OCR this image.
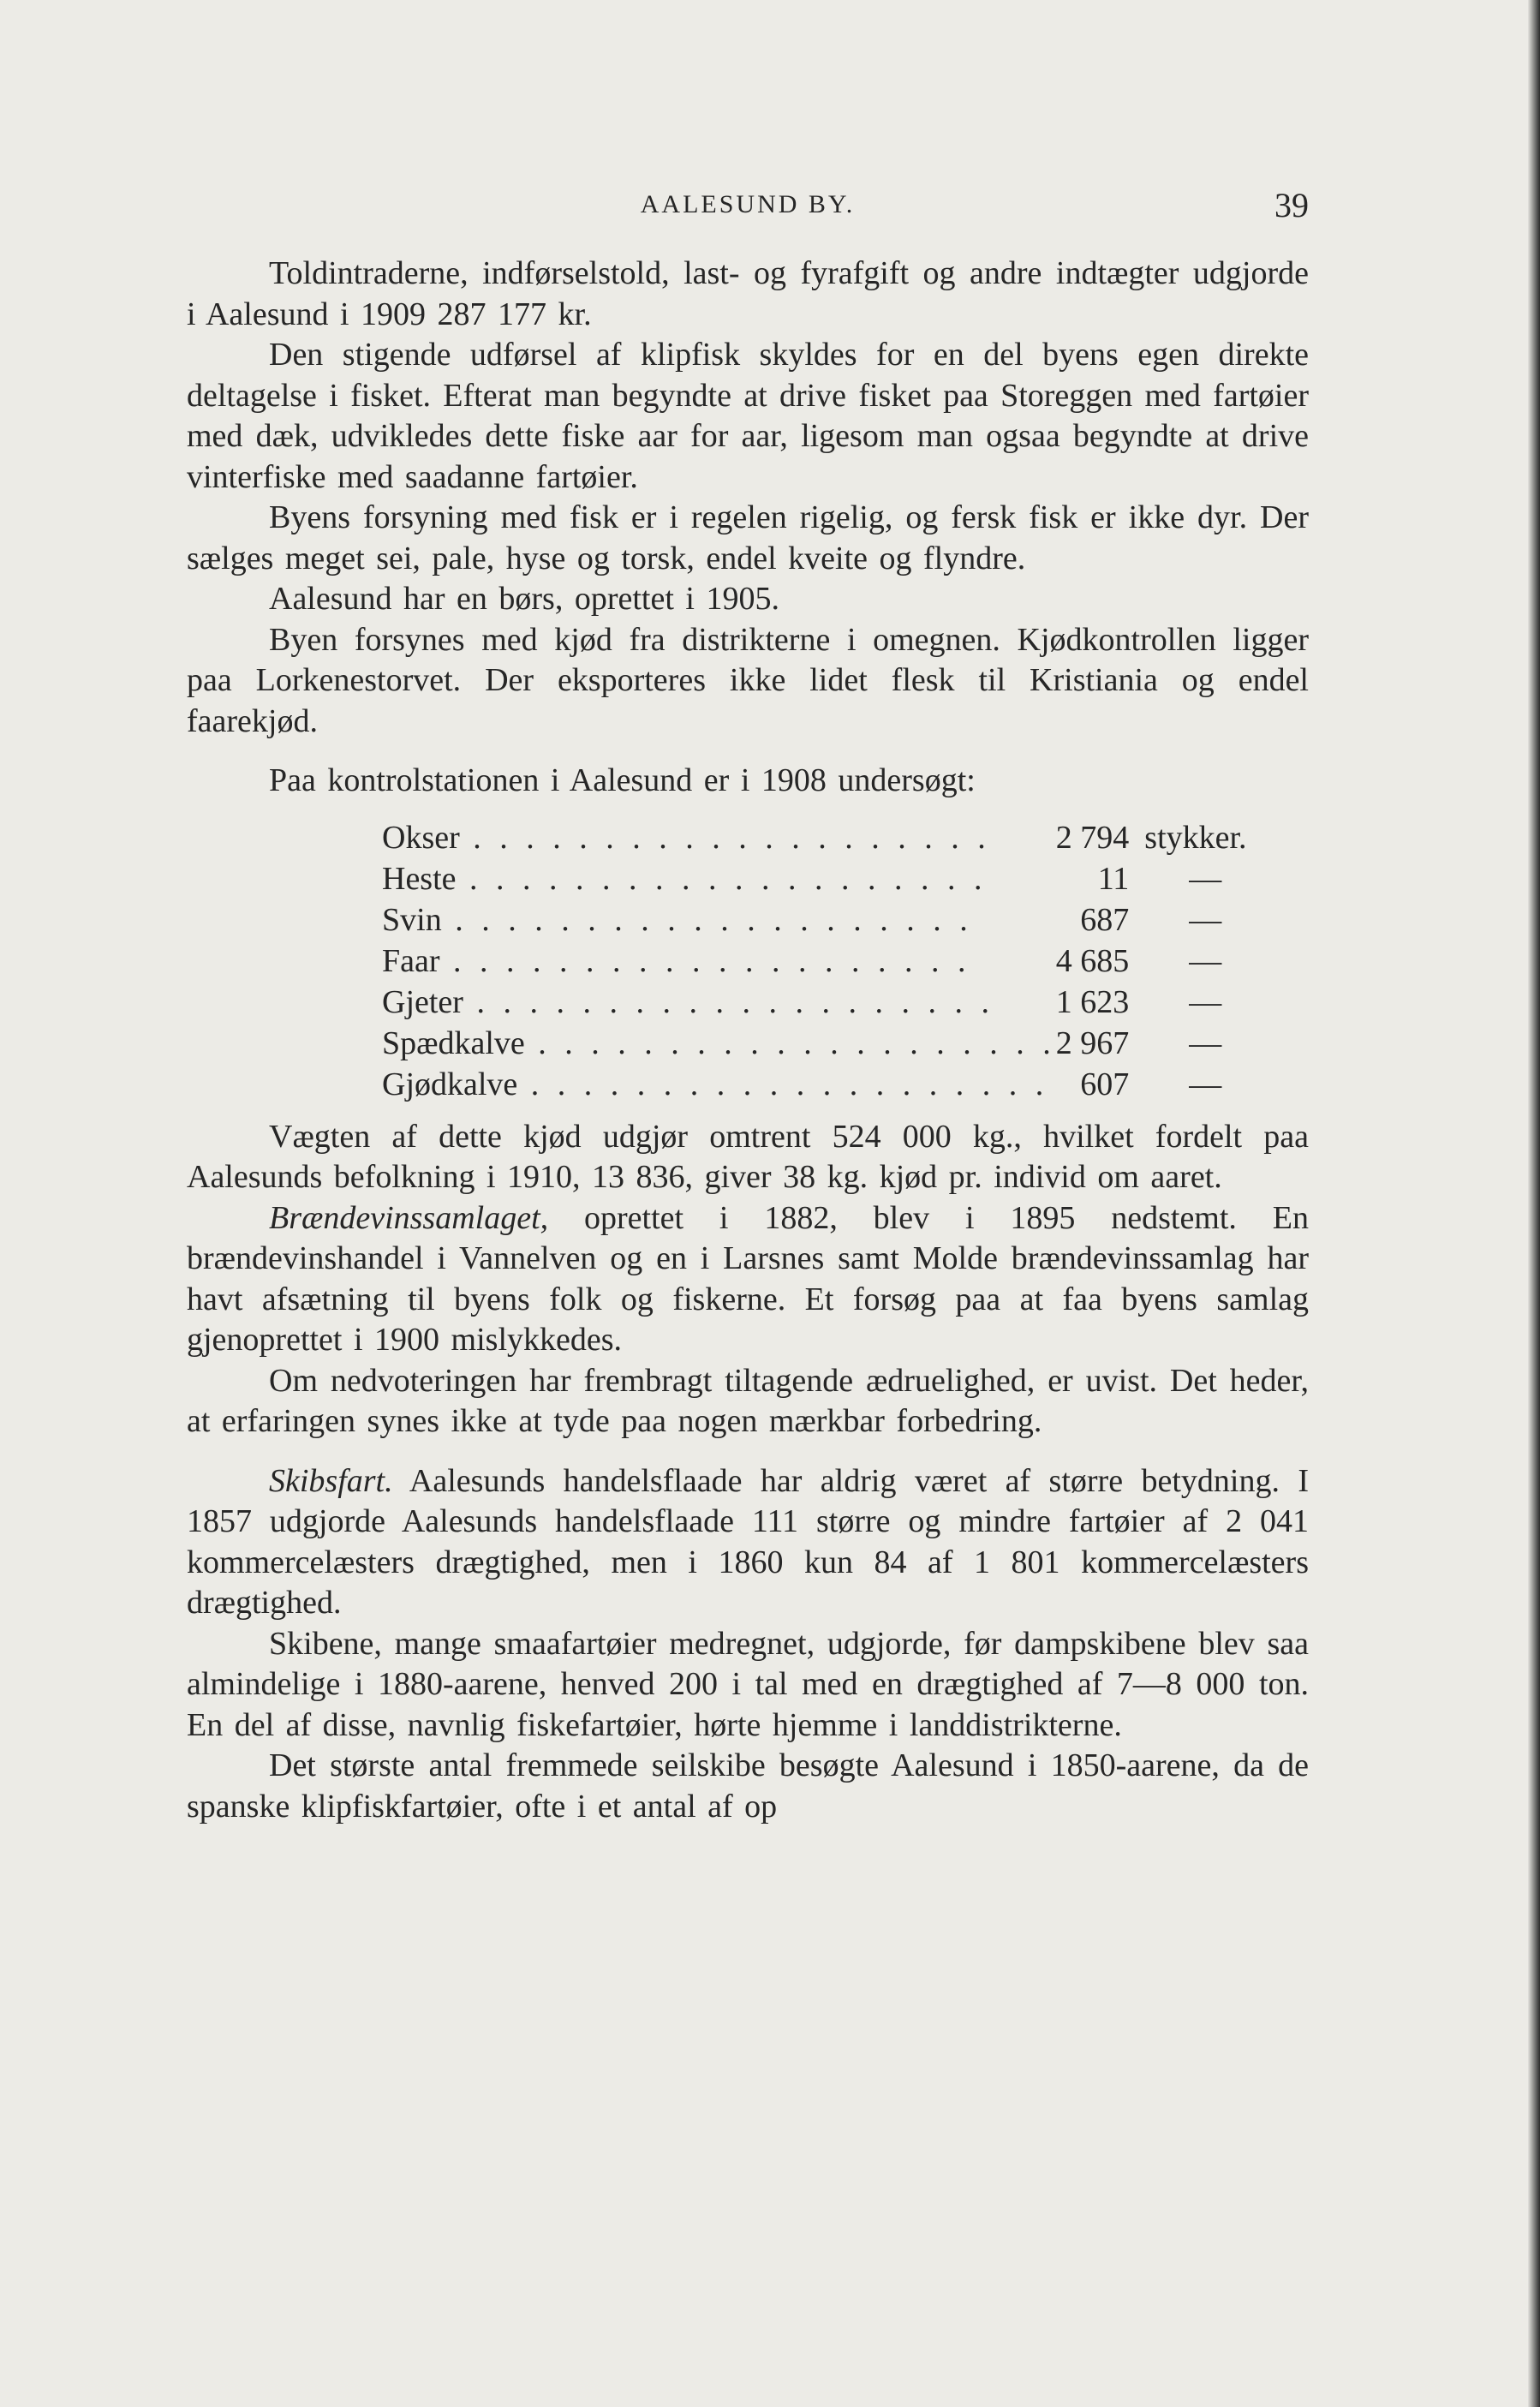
AALESUND BY.	39

Toldintraderne, indførselstold, last- og fyrafgift og andre indtægter udgjorde i Aalesund i 1909 287 177 kr.

Den stigende udførsel af klipfisk skyldes for en del byens egen direkte deltagelse i fisket. Efterat man begyndte at drive fisket paa Storeggen med fartøier med dæk, udvikledes dette fiske aar for aar, ligesom man ogsaa begyndte at drive vinterfiske med saadanne fartøier.

Byens forsyning med fisk er i regelen rigelig, og fersk fisk er ikke dyr. Der sælges meget sei, pale, hyse og torsk, endel kveite og flyndre.

Aalesund har en børs, oprettet i 1905.

Byen forsynes med kjød fra distrikterne i omegnen. Kjødkontrollen ligger paa Lorkenestorvet. Der eksporteres ikke lidet flesk til Kristiania og endel faarekjød.

Paa kontrolstationen i Aalesund er i 1908 undersøgt:

Okser . . .	2 794	stykker.
Heste . . .	11	—
Svin . . .	687	—
Faar . . .	4 685	—
Gjeter . . .	1 623	—
Spædkalve . . .	2 967	—
Gjødkalve . . .	607	—

Vægten af dette kjød udgjør omtrent 524 000 kg., hvilket fordelt paa Aalesunds befolkning i 1910, 13 836, giver 38 kg. kjød pr. individ om aaret.

Brændevinssamlaget, oprettet i 1882, blev i 1895 nedstemt. En brændevinshandel i Vannelven og en i Larsnes samt Molde brændevinssamlag har havt afsætning til byens folk og fiskerne. Et forsøg paa at faa byens samlag gjenoprettet i 1900 mislykkedes.

Om nedvoteringen har frembragt tiltagende ædruelighed, er uvist. Det heder, at erfaringen synes ikke at tyde paa nogen mærkbar forbedring.

Skibsfart. Aalesunds handelsflaade har aldrig været af større betydning. I 1857 udgjorde Aalesunds handelsflaade 111 større og mindre fartøier af 2 041 kommercelæsters drægtighed, men i 1860 kun 84 af 1 801 kommercelæsters drægtighed.

Skibene, mange smaafartøier medregnet, udgjorde, før dampskibene blev saa almindelige i 1880-aarene, henved 200 i tal med en drægtighed af 7—8 000 ton. En del af disse, navnlig fiskefartøier, hørte hjemme i landdistrikterne.

Det største antal fremmede seilskibe besøgte Aalesund i 1850-aarene, da de spanske klipfiskfartøier, ofte i et antal af op
